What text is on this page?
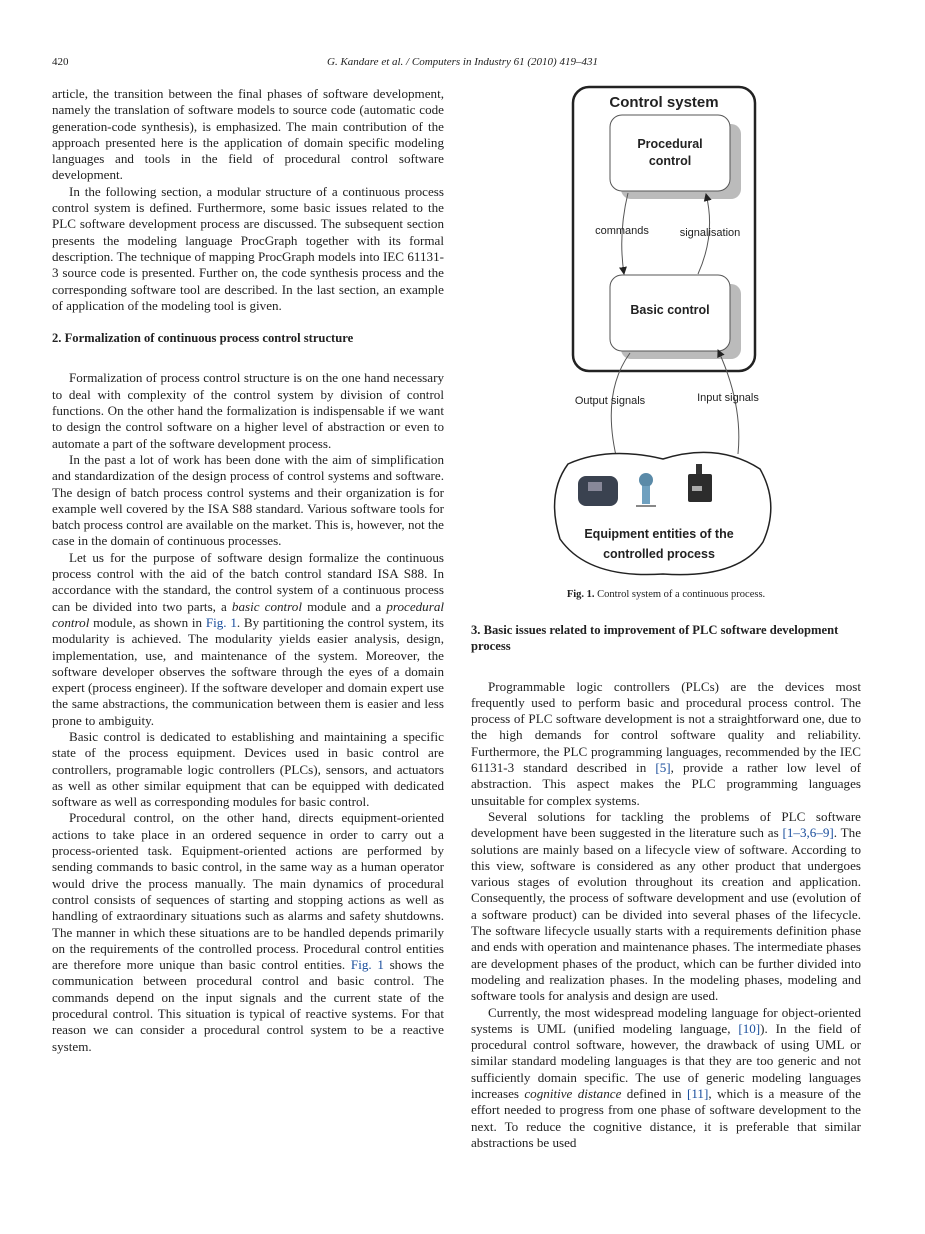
420	G. Kandare et al. / Computers in Industry 61 (2010) 419–431

article, the transition between the final phases of software development, namely the translation of software models to source code (automatic code generation-code synthesis), is emphasized. The main contribution of the approach presented here is the application of domain specific modeling languages and tools in the field of procedural control software development.

In the following section, a modular structure of a continuous process control system is defined. Furthermore, some basic issues related to the PLC software development process are discussed. The subsequent section presents the modeling language ProcGraph together with its formal description. The technique of mapping ProcGraph models into IEC 61131-3 source code is presented. Further on, the code synthesis process and the corresponding software tool are described. In the last section, an example of application of the modeling tool is given.

2. Formalization of continuous process control structure

Formalization of process control structure is on the one hand necessary to deal with complexity of the control system by division of control functions. On the other hand the formalization is indispensable if we want to design the control software on a higher level of abstraction or even to automate a part of the software development process.

In the past a lot of work has been done with the aim of simplification and standardization of the design process of control systems and software. The design of batch process control systems and their organization is for example well covered by the ISA S88 standard. Various software tools for batch process control are available on the market. This is, however, not the case in the domain of continuous processes.

Let us for the purpose of software design formalize the continuous process control with the aid of the batch control standard ISA S88. In accordance with the standard, the control system of a continuous process can be divided into two parts, a basic control module and a procedural control module, as shown in Fig. 1. By partitioning the control system, its modularity is achieved. The modularity yields easier analysis, design, implementation, use, and maintenance of the system. Moreover, the software developer observes the software through the eyes of a domain expert (process engineer). If the software developer and domain expert use the same abstractions, the communication between them is easier and less prone to ambiguity.

Basic control is dedicated to establishing and maintaining a specific state of the process equipment. Devices used in basic control are controllers, programable logic controllers (PLCs), sensors, and actuators as well as other similar equipment that can be equipped with dedicated software as well as corresponding modules for basic control.

Procedural control, on the other hand, directs equipment-oriented actions to take place in an ordered sequence in order to carry out a process-oriented task. Equipment-oriented actions are performed by sending commands to basic control, in the same way as a human operator would drive the process manually. The main dynamics of procedural control consists of sequences of starting and stopping actions as well as handling of extraordinary situations such as alarms and safety shutdowns. The manner in which these situations are to be handled depends primarily on the requirements of the controlled process. Procedural control entities are therefore more unique than basic control entities. Fig. 1 shows the communication between procedural control and basic control. The commands depend on the input signals and the current state of the procedural control. This situation is typical of reactive systems. For that reason we can consider a procedural control system to be a reactive system.

Control system
Procedural
control
Basic control
commands	signalisation
Output signals	Input signals
Equipment entities of the
controlled process
Fig. 1. Control system of a continuous process.
3. Basic issues related to improvement of PLC software development process

Programmable logic controllers (PLCs) are the devices most frequently used to perform basic and procedural process control. The process of PLC software development is not a straightforward one, due to the high demands for control software quality and reliability. Furthermore, the PLC programming languages, recommended by the IEC 61131-3 standard described in [5], provide a rather low level of abstraction. This aspect makes the PLC programming languages unsuitable for complex systems.

Several solutions for tackling the problems of PLC software development have been suggested in the literature such as [1–3,6–9]. The solutions are mainly based on a lifecycle view of software. According to this view, software is considered as any other product that undergoes various stages of evolution throughout its creation and application. Consequently, the process of software development and use (evolution of a software product) can be divided into several phases of the lifecycle. The software lifecycle usually starts with a requirements definition phase and ends with operation and maintenance phases. The intermediate phases are development phases of the product, which can be further divided into modeling and realization phases. In the modeling phases, modeling and software tools for analysis and design are used.

Currently, the most widespread modeling language for object-oriented systems is UML (unified modeling language, [10]). In the field of procedural control software, however, the drawback of using UML or similar standard modeling languages is that they are too generic and not sufficiently domain specific. The use of generic modeling languages increases cognitive distance defined in [11], which is a measure of the effort needed to progress from one phase of software development to the next. To reduce the cognitive distance, it is preferable that similar abstractions be used
